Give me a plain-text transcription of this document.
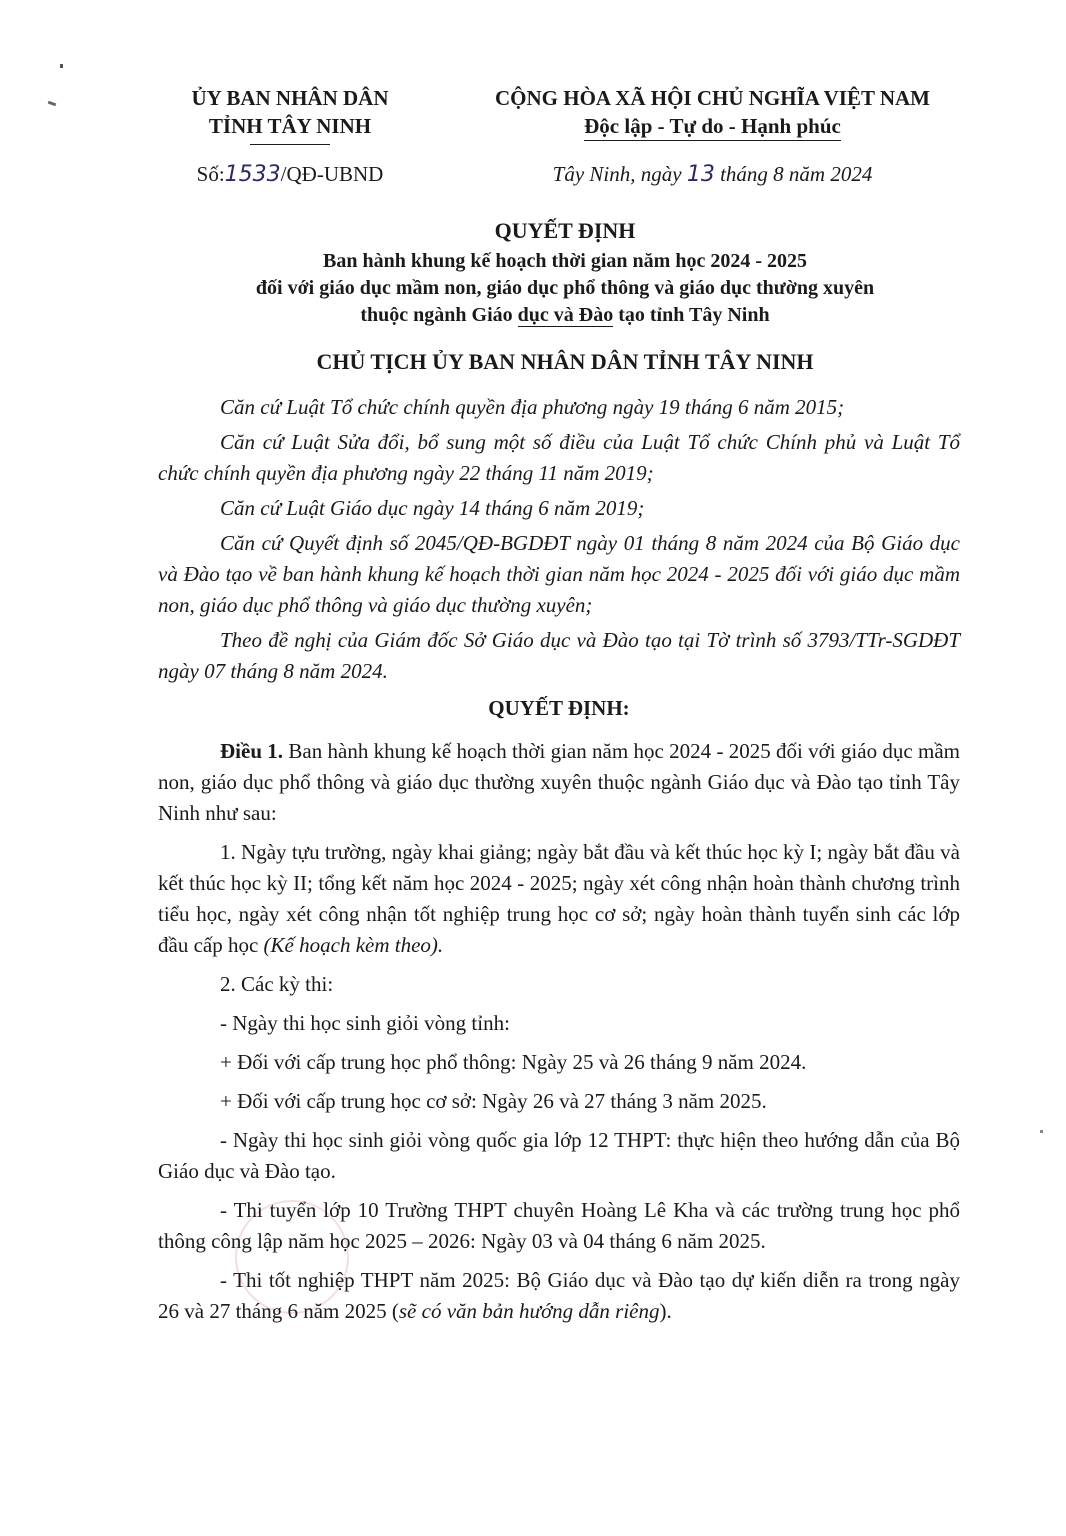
ỦY BAN NHÂN DÂN
TỈNH TÂY NINH
CỘNG HÒA XÃ HỘI CHỦ NGHĨA VIỆT NAM
Độc lập - Tự do - Hạnh phúc
Số:1533/QĐ-UBND	Tây Ninh, ngày 13 tháng 8 năm 2024
QUYẾT ĐỊNH
Ban hành khung kế hoạch thời gian năm học 2024 - 2025
đối với giáo dục mầm non, giáo dục phổ thông và giáo dục thường xuyên
thuộc ngành Giáo dục và Đào tạo tỉnh Tây Ninh
CHỦ TỊCH ỦY BAN NHÂN DÂN TỈNH TÂY NINH

Căn cứ Luật Tổ chức chính quyền địa phương ngày 19 tháng 6 năm 2015;

Căn cứ Luật Sửa đổi, bổ sung một số điều của Luật Tổ chức Chính phủ và Luật Tổ chức chính quyền địa phương ngày 22 tháng 11 năm 2019;

Căn cứ Luật Giáo dục ngày 14 tháng 6 năm 2019;

Căn cứ Quyết định số 2045/QĐ-BGDĐT ngày 01 tháng 8 năm 2024 của Bộ Giáo dục và Đào tạo về ban hành khung kế hoạch thời gian năm học 2024 - 2025 đối với giáo dục mầm non, giáo dục phổ thông và giáo dục thường xuyên;

Theo đề nghị của Giám đốc Sở Giáo dục và Đào tạo tại Tờ trình số 3793/TTr-SGDĐT ngày 07 tháng 8 năm 2024.

QUYẾT ĐỊNH:

Điều 1. Ban hành khung kế hoạch thời gian năm học 2024 - 2025 đối với giáo dục mầm non, giáo dục phổ thông và giáo dục thường xuyên thuộc ngành Giáo dục và Đào tạo tỉnh Tây Ninh như sau:

1. Ngày tựu trường, ngày khai giảng; ngày bắt đầu và kết thúc học kỳ I; ngày bắt đầu và kết thúc học kỳ II; tổng kết năm học 2024 - 2025; ngày xét công nhận hoàn thành chương trình tiểu học, ngày xét công nhận tốt nghiệp trung học cơ sở; ngày hoàn thành tuyển sinh các lớp đầu cấp học (Kế hoạch kèm theo).

2. Các kỳ thi:

- Ngày thi học sinh giỏi vòng tỉnh:

+ Đối với cấp trung học phổ thông: Ngày 25 và 26 tháng 9 năm 2024.

+ Đối với cấp trung học cơ sở: Ngày 26 và 27 tháng 3 năm 2025.

- Ngày thi học sinh giỏi vòng quốc gia lớp 12 THPT: thực hiện theo hướng dẫn của Bộ Giáo dục và Đào tạo.

- Thi tuyển lớp 10 Trường THPT chuyên Hoàng Lê Kha và các trường trung học phổ thông công lập năm học 2025 – 2026: Ngày 03 và 04 tháng 6 năm 2025.

- Thi tốt nghiệp THPT năm 2025: Bộ Giáo dục và Đào tạo dự kiến diễn ra trong ngày 26 và 27 tháng 6 năm 2025 (sẽ có văn bản hướng dẫn riêng).
